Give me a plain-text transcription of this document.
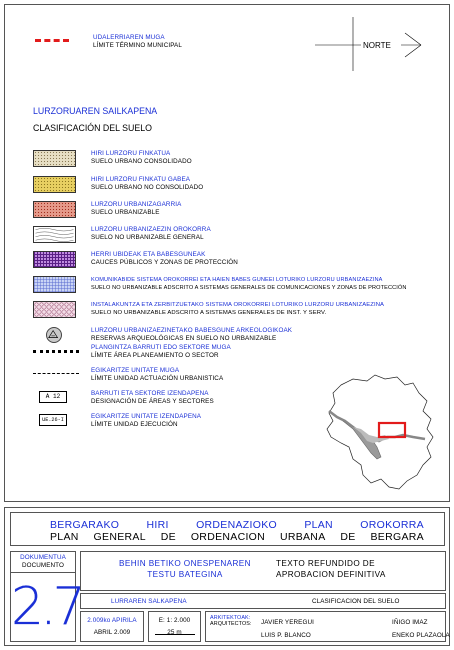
UDALERRIAREN MUGA
LÍMITE TÉRMINO MUNICIPAL	NORTE
LURZORUAREN SAILKAPENA
CLASIFICACIÓN DEL SUELO
HIRI LURZORU FINKATUA
SUELO URBANO CONSOLIDADO
HIRI LURZORU FINKATU GABEA
SUELO URBANO NO CONSOLIDADO
LURZORU URBANIZAGARRIA
SUELO URBANIZABLE
LURZORU URBANIZAEZIN OROKORRA
SUELO NO URBANIZABLE GENERAL
HERRI UBIDEAK ETA BABESGUNEAK
CAUCES PÚBLICOS Y ZONAS DE PROTECCIÓN
KOMUNIKABIDE SISTEMA OROKORREI ETA HAIEN BABES GUNEEI LOTURIKO LURZORU URBANIZAEZINA
SUELO NO URBANIZABLE ADSCRITO A SISTEMAS GENERALES DE COMUNICACIONES Y ZONAS DE PROTECCIÓN
INSTALAKUNTZA ETA ZERBITZUETAKO SISTEMA OROKORREI LOTURIKO LURZORU URBANIZAEZINA
SUELO NO URBANIZABLE ADSCRITO A SISTEMAS GENERALES DE INST. Y SERV.
LURZORU URBANIZAEZINETAKO BABESGUNE ARKEOLOGIKOAK
RESERVAS ARQUEOLÓGICAS EN SUELO NO URBANIZABLE
PLANGINTZA BARRUTI EDO SEKTORE MUGA
LÍMITE ÁREA PLANEAMIENTO O SECTOR
EGIKARITZE UNITATE MUGA
LÍMITE UNIDAD ACTUACIÓN URBANISTICA
A 12	BARRUTI ETA SEKTORE IZENDAPENA
DESIGNACIÓN DE ÁREAS Y SECTORES
UE.26-I	EGIKARITZE UNITATE IZENDAPENA
LÍMITE UNIDAD EJECUCIÓN
BERGARAKO	HIRI	ORDENAZIOKO	PLAN	OROKORRA
PLAN GENERAL DE ORDENACION URBANA DE BERGARA
DOKUMENTUA
DOCUMENTO
2.7
BEHIN BETIKO ONESPENAREN
TESTU BATEGINA
TEXTO REFUNDIDO DE
APROBACION DEFINITIVA
LURRAREN SALKAPENA	CLASIFICACION DEL SUELO
2.009ko APIRILA
ABRIL 2.009
E: 1: 2.000
25 m
ARKITEKTOAK:
ARQUITECTOS: JAVIER YEREGUI	IÑIGO IMAZ
LUIS P. BLANCO	ENEKO PLAZAOLA
